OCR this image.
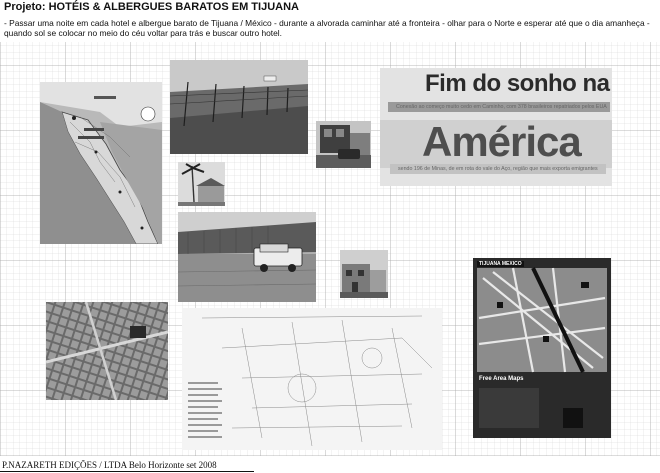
Projeto: HOTÉIS & ALBERGUES BARATOS EM TIJUANA

- Passar uma noite em cada hotel e albergue barato de Tijuana / México - durante a alvorada caminhar até a fronteira - olhar para o Norte e esperar até que o dia amanheça - quando sol se colocar no meio do céu voltar para trás e buscar outro hotel.

Fim do sonho na
Conexão ao começo muito cedo em Caminho, com 378 brasileiros repatriados pelos EUA
América
sendo 196 de Minas, de em rota do vale do Aço, região que mais exporta emigrantes
TIJUANA MEXICO
Free Area Maps
P.NAZARETH EDIÇÕES / LTDA Belo Horizonte set 2008
